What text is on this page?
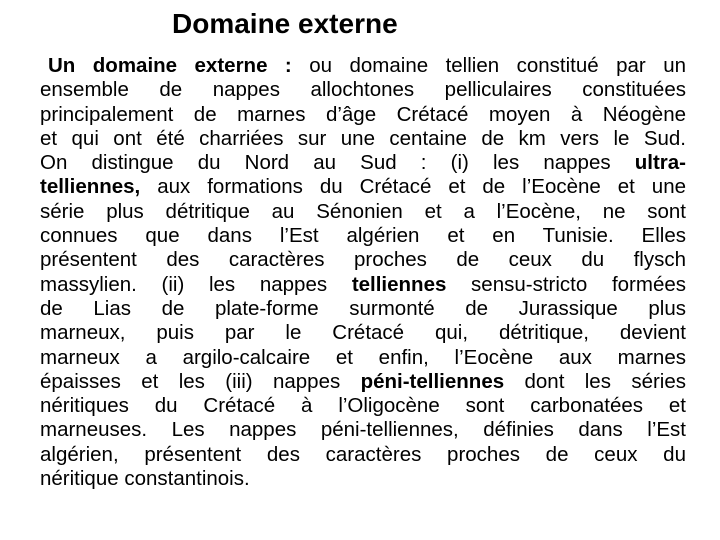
Domaine externe
Un domaine externe : ou domaine tellien constitué par un
ensemble de nappes allochtones pelliculaires constituées
principalement de marnes d’âge Crétacé moyen à Néogène
et qui ont été charriées sur une centaine de km vers le Sud.
On distingue du Nord au Sud : (i) les nappes ultra-
telliennes, aux formations du Crétacé et de l’Eocène et une
série plus détritique au Sénonien et a l’Eocène, ne sont
connues que dans l’Est algérien et en Tunisie. Elles
présentent des caractères proches de ceux du flysch
massylien. (ii) les nappes telliennes sensu-stricto formées
de Lias de plate-forme surmonté de Jurassique plus
marneux, puis par le Crétacé qui, détritique, devient
marneux a argilo-calcaire et enfin, l’Eocène aux marnes
épaisses et les (iii) nappes péni-telliennes dont les séries
néritiques du Crétacé à l’Oligocène sont carbonatées et
marneuses. Les nappes péni-telliennes, définies dans l’Est
algérien, présentent des caractères proches de ceux du
néritique constantinois.
